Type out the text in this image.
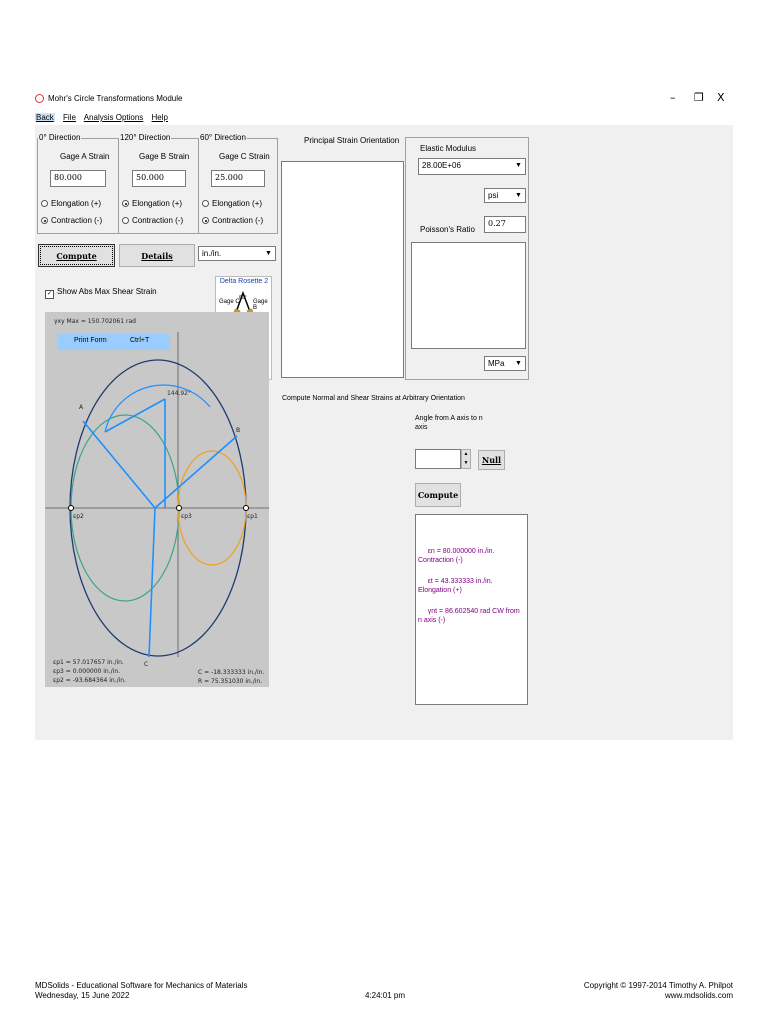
Mohr's Circle Transformations Module	– ❐ X
Back File Analysis Options Help
0° Direction
Gage A Strain
80.000
Elongation (+)
Contraction (-)
120° Direction
Gage B Strain
50.000
Elongation (+)
Contraction (-)
60° Direction
Gage C Strain
25.000
Elongation (+)
Contraction (-)
Compute	Details	in./in.	▼
✓ Show Abs Max Shear Strain
Delta Rosette 2
Gage C Gage B
60°
γxy Max = 150.702061 rad
144.92°
A
B
C
εp2	εp3	εp1
εp1 = 57.017657 in./in.
εp3 = 0.000000 in./in.
εp2 = -93.684364 in./in.
C = -18.333333 in./in.
R = 75.351030 in./in.
Print Form	Ctrl+T
Principal Strain Orientation
Elastic Modulus
28.00E+06	▼
psi ▼
Poisson's Ratio
0.27
MPa ▼
Compute Normal and Shear Strains at Arbitrary Orientation
Angle from A axis to n axis
▲
▼	Null
Compute
εn = 80.000000 in./in. Contraction (-)
εt = 43.333333 in./in. Elongation (+)
γnt = 86.602540 rad CW from n axis (-)
MDSolids - Educational Software for Mechanics of Materials
Wednesday, 15 June 2022	4:24:01 pm
Copyright © 1997-2014 Timothy A. Philpot
www.mdsolids.com
